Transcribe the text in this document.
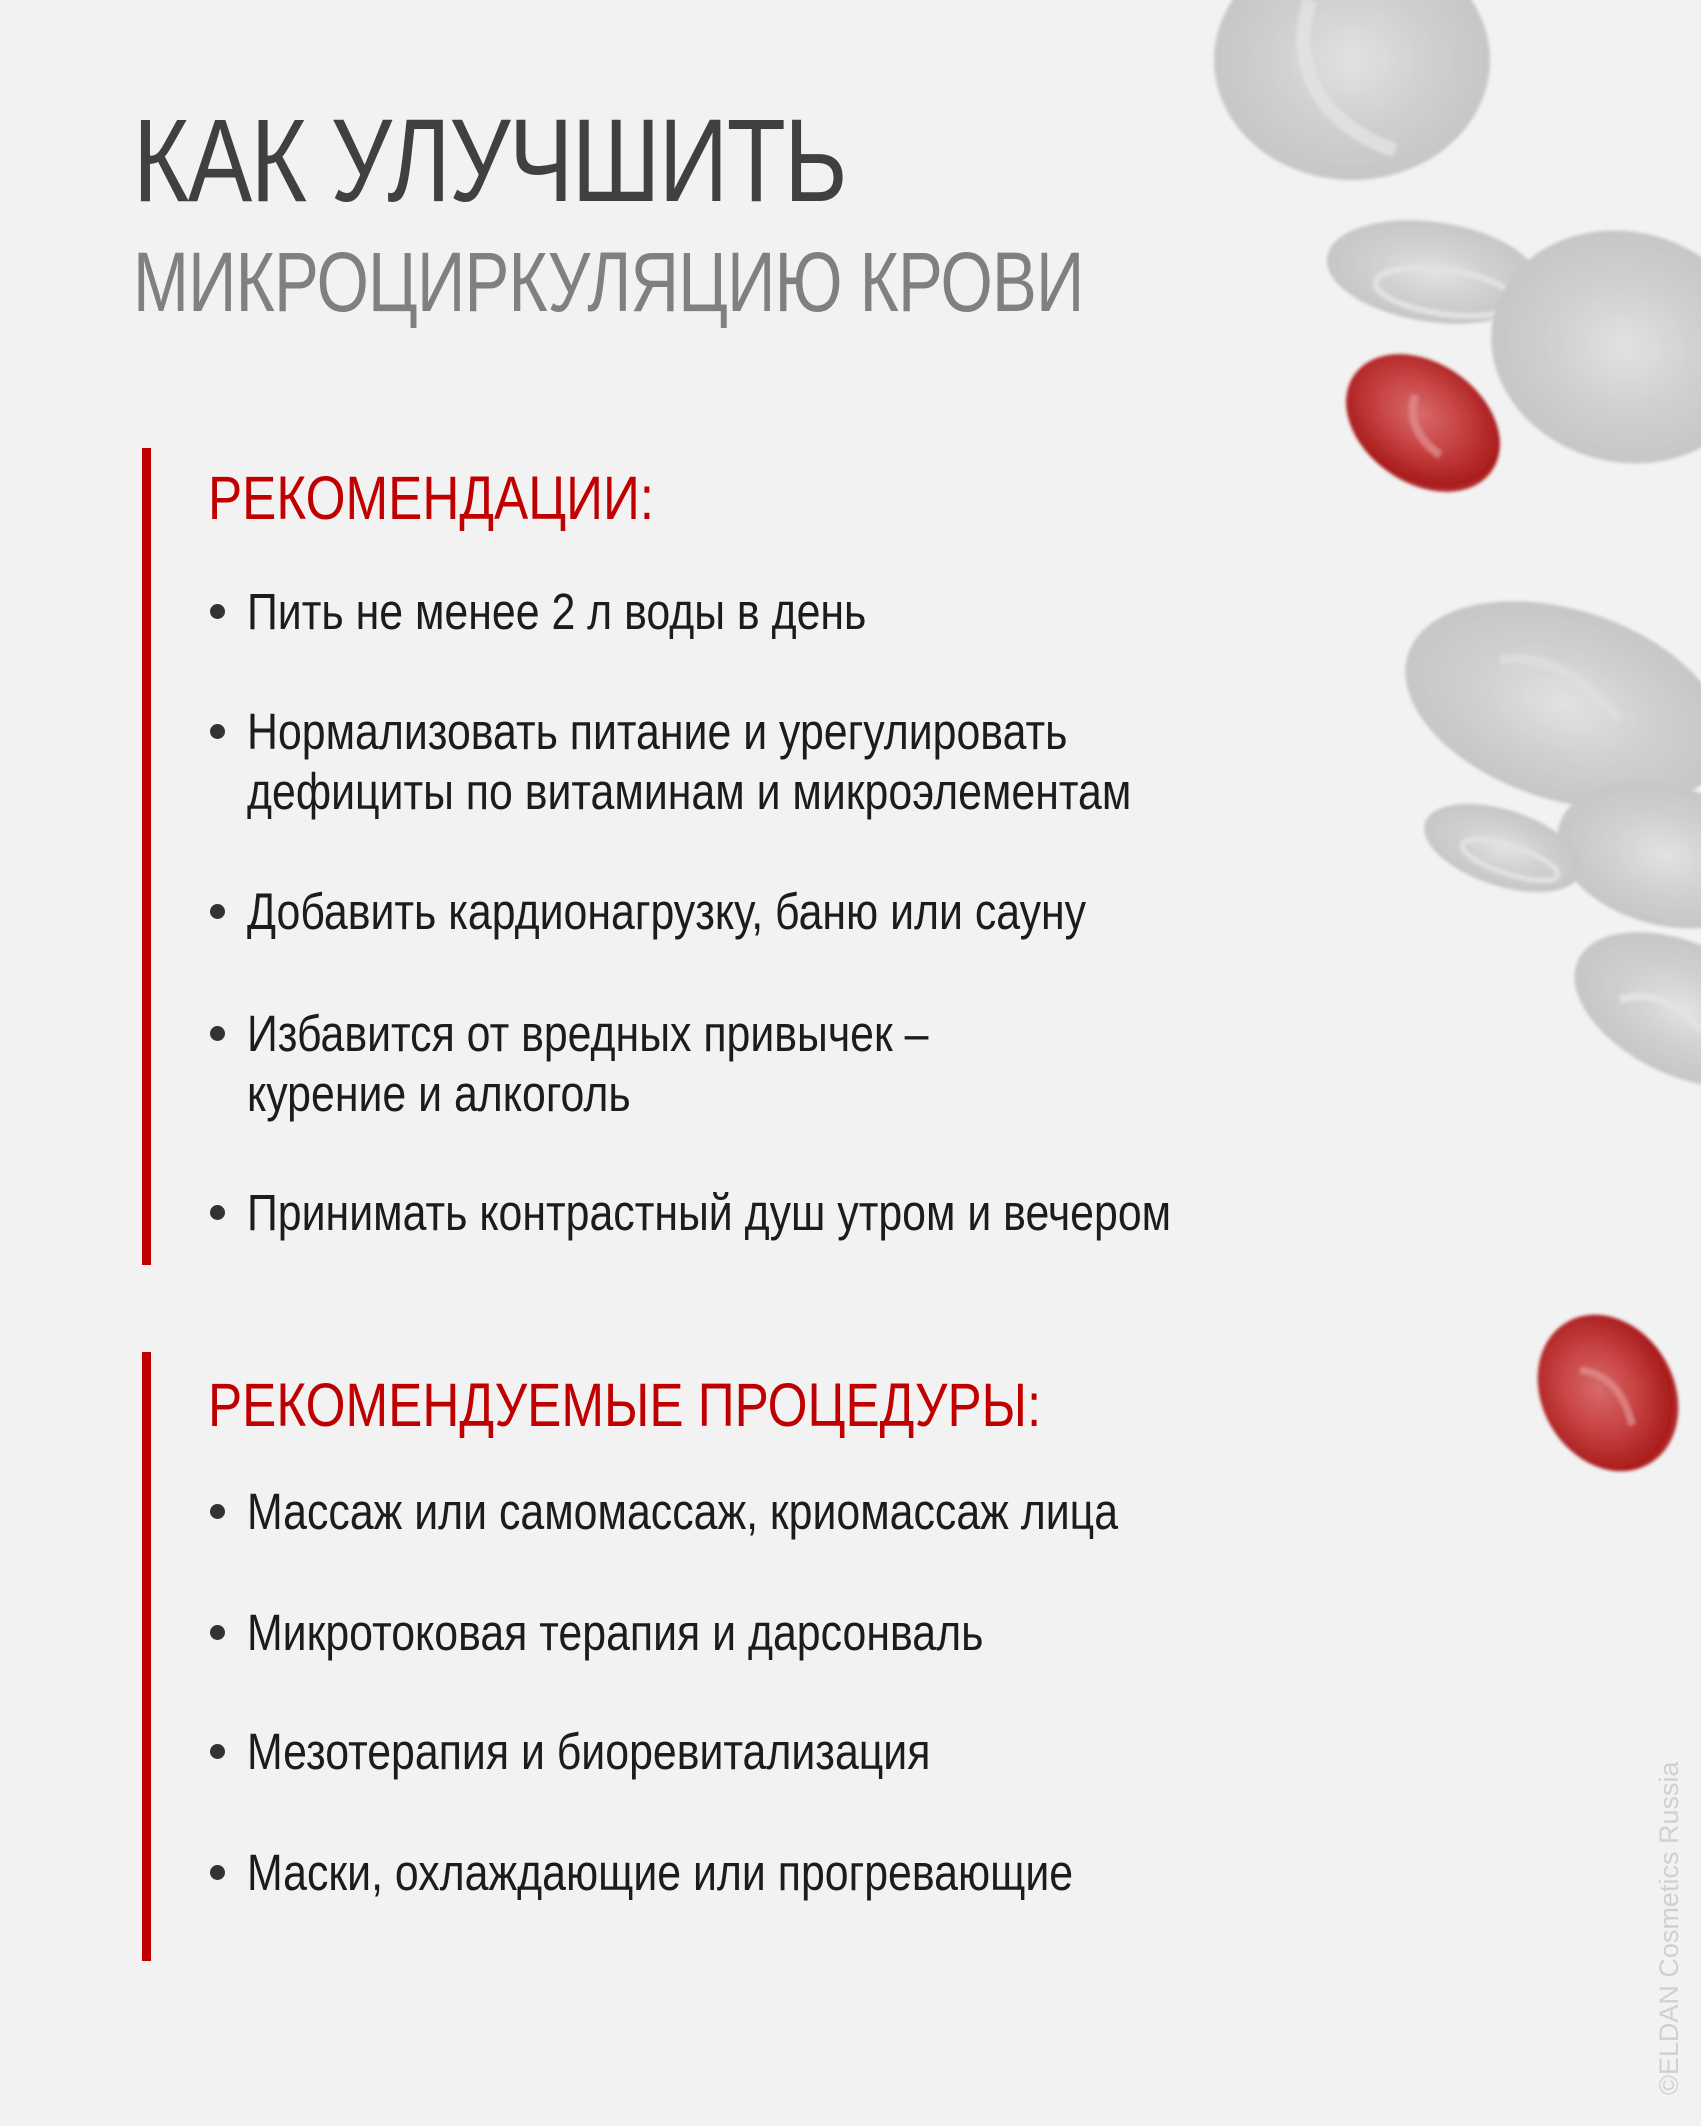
КАК УЛУЧШИТЬ
МИКРОЦИРКУЛЯЦИЮ КРОВИ
РЕКОМЕНДАЦИИ:
Пить не менее 2 л воды в день
Нормализовать питание и урегулировать
дефициты по витаминам и микроэлементам
Добавить кардионагрузку, баню или сауну
Избавится от вредных привычек –
курение и алкоголь
Принимать контрастный душ утром и вечером
РЕКОМЕНДУЕМЫЕ ПРОЦЕДУРЫ:
Массаж или самомассаж, криомассаж лица
Микротоковая терапия и дарсонваль
Мезотерапия и биоревитализация
Маски, охлаждающие или прогревающие	©ELDAN Cosmetics Russia
